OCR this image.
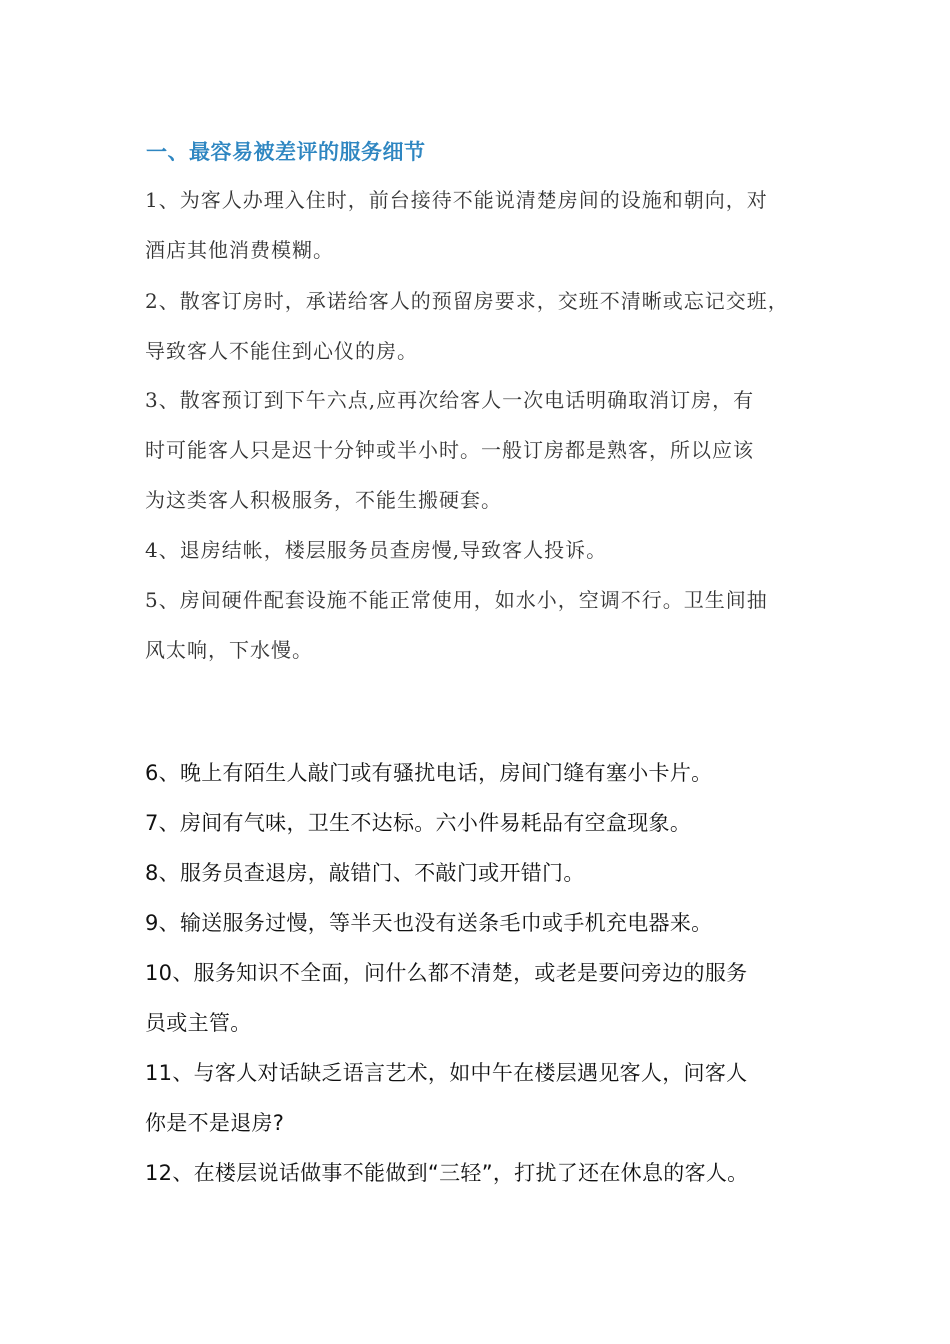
一、最容易被差评的服务细节
1、为客人办理入住时，前台接待不能说清楚房间的设施和朝向，对
酒店其他消费模糊。
2、散客订房时，承诺给客人的预留房要求，交班不清晰或忘记交班，
导致客人不能住到心仪的房。
3、散客预订到下午六点,应再次给客人一次电话明确取消订房，有
时可能客人只是迟十分钟或半小时。一般订房都是熟客，所以应该
为这类客人积极服务，不能生搬硬套。
4、退房结帐，楼层服务员查房慢,导致客人投诉。
5、房间硬件配套设施不能正常使用，如水小，空调不行。卫生间抽
风太响，下水慢。
6、晚上有陌生人敲门或有骚扰电话，房间门缝有塞小卡片。
7、房间有气味，卫生不达标。六小件易耗品有空盒现象。
8、服务员查退房，敲错门、不敲门或开错门。
9、输送服务过慢，等半天也没有送条毛巾或手机充电器来。
10、服务知识不全面，问什么都不清楚，或老是要问旁边的服务
员或主管。
11、与客人对话缺乏语言艺术，如中午在楼层遇见客人，问客人
你是不是退房?
12、在楼层说话做事不能做到“三轻”，打扰了还在休息的客人。
